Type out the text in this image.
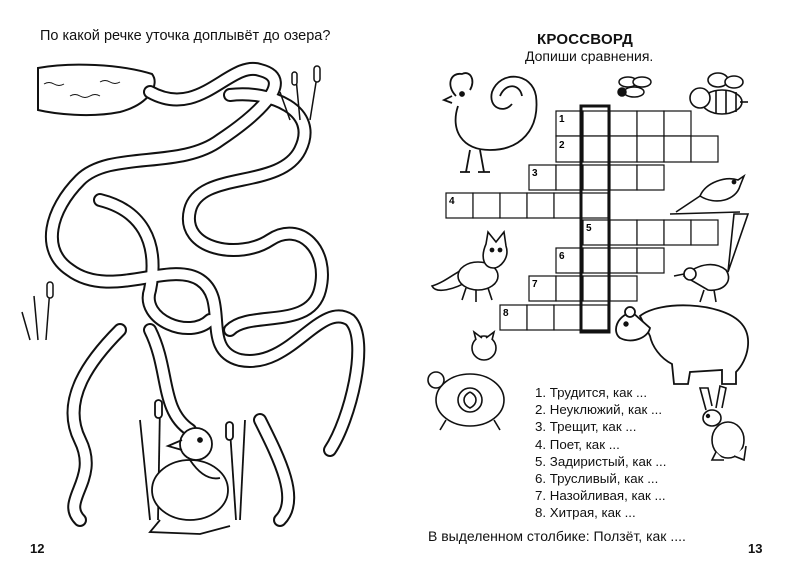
По какой речке уточка доплывёт до озера?
1
2
3
4
5
6
7
8
12
КРОССВОРД
Допиши сравнения.
1. Трудится, как ...
2. Неуклюжий, как ...
3. Трещит, как ...
4. Поет, как ...
5. Задиристый, как ...
6. Трусливый, как ...
7. Назойливая, как ...
8. Хитрая, как ...
В выделенном столбике: Ползёт, как ....
13
